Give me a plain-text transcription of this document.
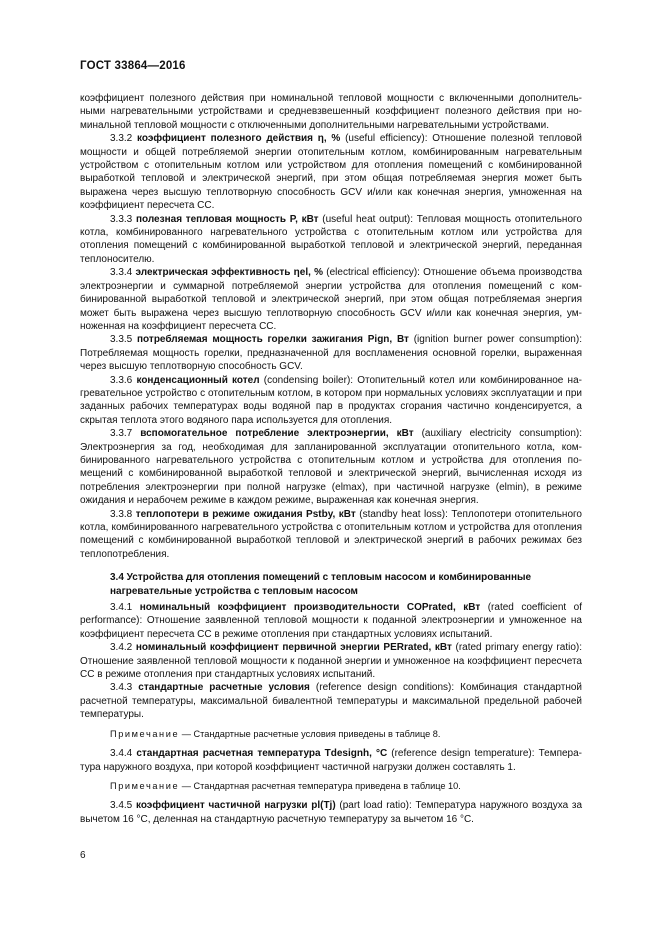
ГОСТ 33864—2016

коэффициент полезного действия при номинальной тепловой мощности с включенными дополнительными нагревательными устройствами и средневзвешенный коэффициент полезного действия при номинальной тепловой мощности с отключенными дополнительными нагревательными устройствами.

3.3.2 коэффициент полезного действия η, % (useful efficiency): Отношение полезной тепловой мощности и общей потребляемой энергии отопительным котлом, комбинированным нагревательным устройством с отопительным котлом или устройством для отопления помещений с комбинированной выработкой тепловой и электрической энергий, при этом общая потребляемая энергия может быть выражена через высшую теплотворную способность GCV и/или как конечная энергия, умноженная на коэффициент пересчета CC.

3.3.3 полезная тепловая мощность P, кВт (useful heat output): Тепловая мощность отопительного котла, комбинированного нагревательного устройства с отопительным котлом или устройства для отопления помещений с комбинированной выработкой тепловой и электрической энергий, переданная теплоносителю.

3.3.4 электрическая эффективность ηel, % (electrical efficiency): Отношение объема производства электроэнергии и суммарной потребляемой энергии устройства для отопления помещений с комбинированной выработкой тепловой и электрической энергий, при этом общая потребляемая энергия может быть выражена через высшую теплотворную способность GCV и/или как конечная энергия, умноженная на коэффициент пересчета CC.

3.3.5 потребляемая мощность горелки зажигания Pign, Вт (ignition burner power consumption): Потребляемая мощность горелки, предназначенной для воспламенения основной горелки, выраженная через высшую теплотворную способность GCV.

3.3.6 конденсационный котел (condensing boiler): Отопительный котел или комбинированное нагревательное устройство с отопительным котлом, в котором при нормальных условиях эксплуатации и при заданных рабочих температурах воды водяной пар в продуктах сгорания частично конденсируется, а скрытая теплота этого водяного пара используется для отопления.

3.3.7 вспомогательное потребление электроэнергии, кВт (auxiliary electricity consumption): Электроэнергия за год, необходимая для запланированной эксплуатации отопительного котла, комбинированного нагревательного устройства с отопительным котлом и устройства для отопления помещений с комбинированной выработкой тепловой и электрической энергий, вычисленная исходя из потребления электроэнергии при полной нагрузке (elmax), при частичной нагрузке (elmin), в режиме ожидания и нерабочем режиме в каждом режиме, выраженная как конечная энергия.

3.3.8 теплопотери в режиме ожидания Pstby, кВт (standby heat loss): Теплопотери отопительного котла, комбинированного нагревательного устройства с отопительным котлом и устройства для отопления помещений с комбинированной выработкой тепловой и электрической энергий в рабочих режимах без теплопотребления.

3.4 Устройства для отопления помещений с тепловым насосом и комбинированные нагревательные устройства с тепловым насосом

3.4.1 номинальный коэффициент производительности COPrated, кВт (rated coefficient of performance): Отношение заявленной тепловой мощности к поданной электроэнергии и умноженное на коэффициент пересчета CC в режиме отопления при стандартных условиях испытаний.

3.4.2 номинальный коэффициент первичной энергии PERrated, кВт (rated primary energy ratio): Отношение заявленной тепловой мощности к поданной энергии и умноженное на коэффициент пересчета CC в режиме отопления при стандартных условиях испытаний.

3.4.3 стандартные расчетные условия (reference design conditions): Комбинация стандартной расчетной температуры, максимальной бивалентной температуры и максимальной предельной рабочей температуры.

Примечание — Стандартные расчетные условия приведены в таблице 8.

3.4.4 стандартная расчетная температура Tdesignh, °С (reference design temperature): Температура наружного воздуха, при которой коэффициент частичной нагрузки должен составлять 1.

Примечание — Стандартная расчетная температура приведена в таблице 10.

3.4.5 коэффициент частичной нагрузки pl(Tj) (part load ratio): Температура наружного воздуха за вычетом 16 °С, деленная на стандартную расчетную температуру за вычетом 16 °С.

6
